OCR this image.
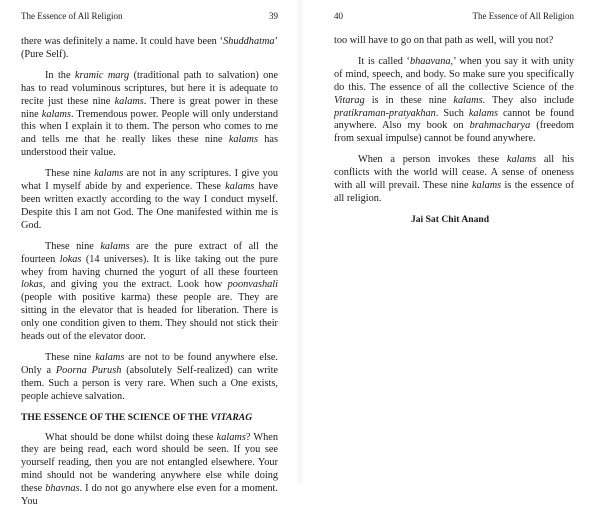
The Essence of All Religion	39

there was definitely a name. It could have been ‘Shuddhatma’ (Pure Self).

In the kramic marg (traditional path to salvation) one has to read voluminous scriptures, but here it is adequate to recite just these nine kalams. There is great power in these nine kalams. Tremendous power. People will only understand this when I explain it to them. The person who comes to me and tells me that he really likes these nine kalams has understood their value.

These nine kalams are not in any scriptures. I give you what I myself abide by and experience. These kalams have been written exactly according to the way I conduct myself. Despite this I am not God. The One manifested within me is God.

These nine kalams are the pure extract of all the fourteen lokas (14 universes). It is like taking out the pure whey from having churned the yogurt of all these fourteen lokas, and giving you the extract. Look how poonvashali (people with positive karma) these people are. They are sitting in the elevator that is headed for liberation. There is only one condition given to them. They should not stick their heads out of the elevator door.

These nine kalams are not to be found anywhere else. Only a Poorna Purush (absolutely Self-realized) can write them. Such a person is very rare. When such a One exists, people achieve salvation.

THE ESSENCE OF THE SCIENCE OF THE VITARAG

What should be done whilst doing these kalams? When they are being read, each word should be seen. If you see yourself reading, then you are not entangled elsewhere. Your mind should not be wandering anywhere else while doing these bhavnas. I do not go anywhere else even for a moment. You

40	The Essence of All Religion

too will have to go on that path as well, will you not?

It is called ‘bhaavana,’ when you say it with unity of mind, speech, and body. So make sure you specifically do this. The essence of all the collective Science of the Vitarag is in these nine kalams. They also include pratikraman-pratyakhan. Such kalams cannot be found anywhere. Also my book on brahmacharya (freedom from sexual impulse) cannot be found anywhere.

When a person invokes these kalams all his conflicts with the world will cease. A sense of oneness with all will prevail. These nine kalams is the essence of all religion.

Jai Sat Chit Anand
